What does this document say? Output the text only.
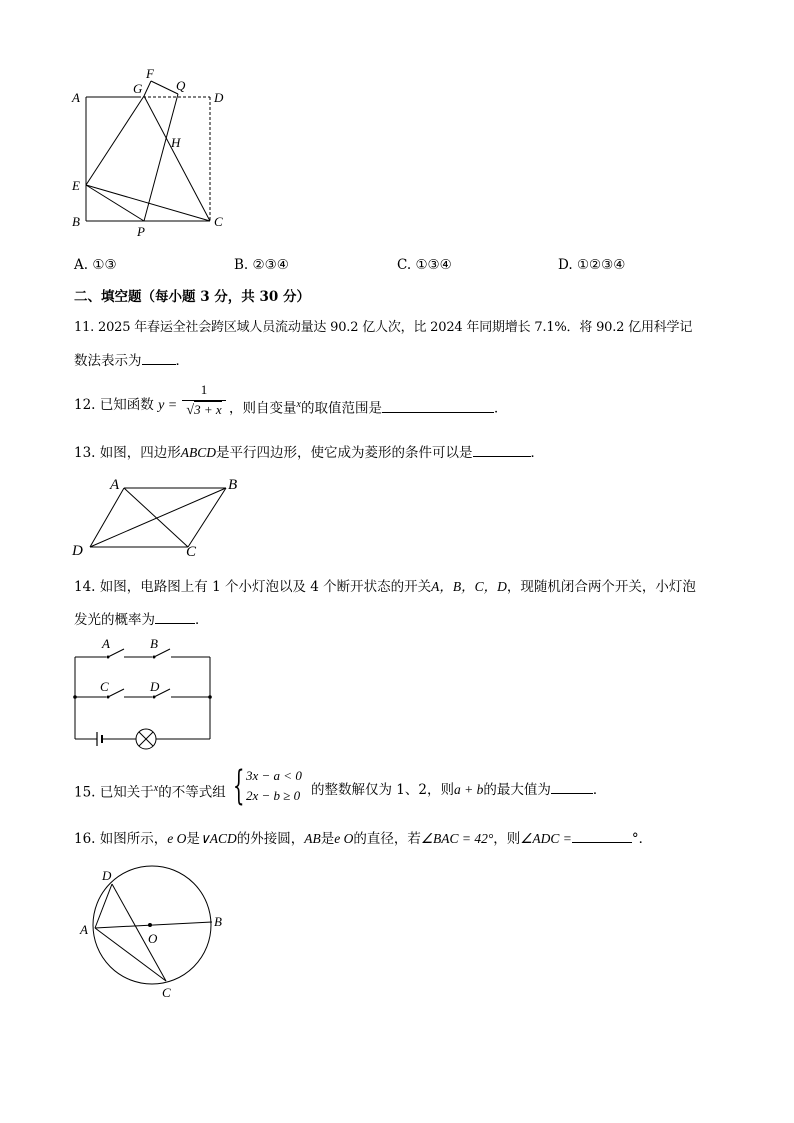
A
G
F
Q
D
H
E
B
P
C
A. ①③	B. ②③④	C. ①③④	D. ①②③④
二、填空题（每小题 3 分，共 30 分）
11. 2025 年春运全社会跨区域人员流动量达 90.2 亿人次，比 2024 年同期增长 7.1%．将 90.2 亿用科学记
数法表示为	．
12. 已知函数 y =
1
√3 + x ，则自变量$^x$的取值范围是	．
13. 如图，四边形ABCD是平行四边形，使它成为菱形的条件可以是	．
A	B
D	C
14. 如图，电路图上有 1 个小灯泡以及 4 个断开状态的开关A，B，C，D，现随机闭合两个开关，小灯泡
发光的概率为	．
A	B
C	D
15. 已知关于$^x$的不等式组 { 3x − a < 0
2x − b ≥ 0 的整数解仅为 1、2，则a + b的最大值为	．
16. 如图所示，e O是∨ACD的外接圆，AB是e O的直径，若∠BAC = 42°，则∠ADC =	°．
D
A
O
B
C
